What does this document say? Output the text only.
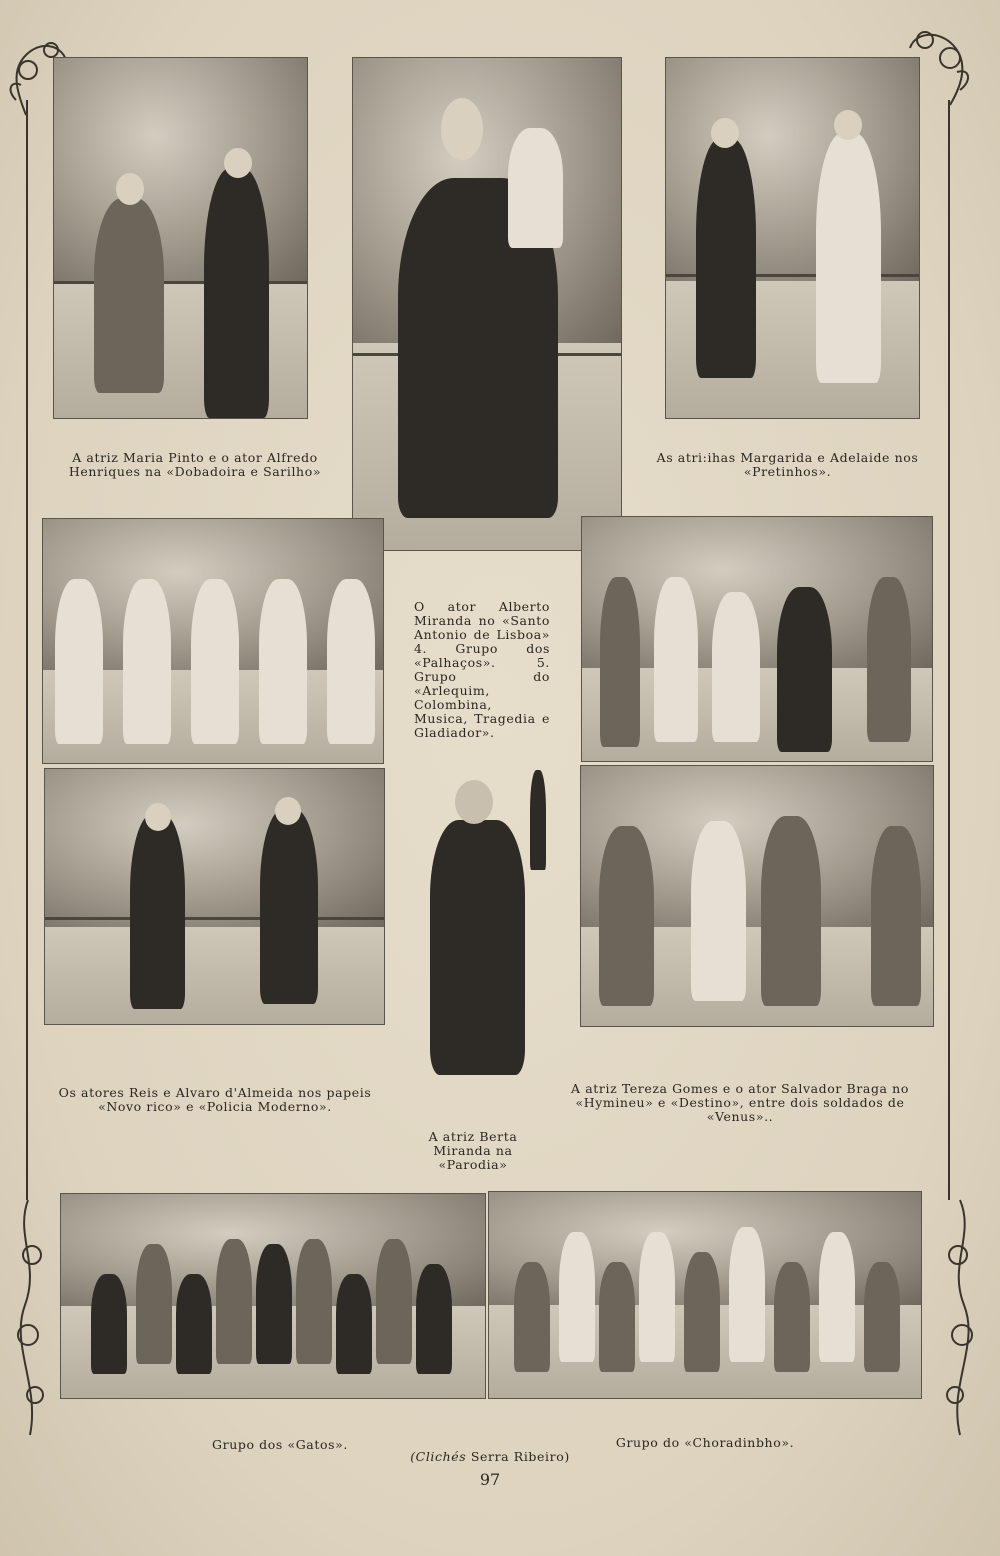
A atriz Maria Pinto e o ator Alfredo Henriques na «Dobadoira e Sarilho»
As atri:ihas Margarida e Adelaide nos «Pretinhos».
O ator Alberto Miranda no «Santo Antonio de Lisboa» 4. Grupo dos «Palhaços». 5. Grupo do «Arlequim, Colombina, Musica, Tragedia e Gladiador».
Os atores Reis e Alvaro d'Almeida nos papeis «Novo rico» e «Policia Moderno».
A atriz Berta Miranda na «Parodia»
A atriz Tereza Gomes e o ator Salvador Braga no «Hymineu» e «Destino», entre dois soldados de «Venus»..
Grupo dos «Gatos».	Grupo do «Choradinbho».
(Clichés Serra Ribeiro)
97
